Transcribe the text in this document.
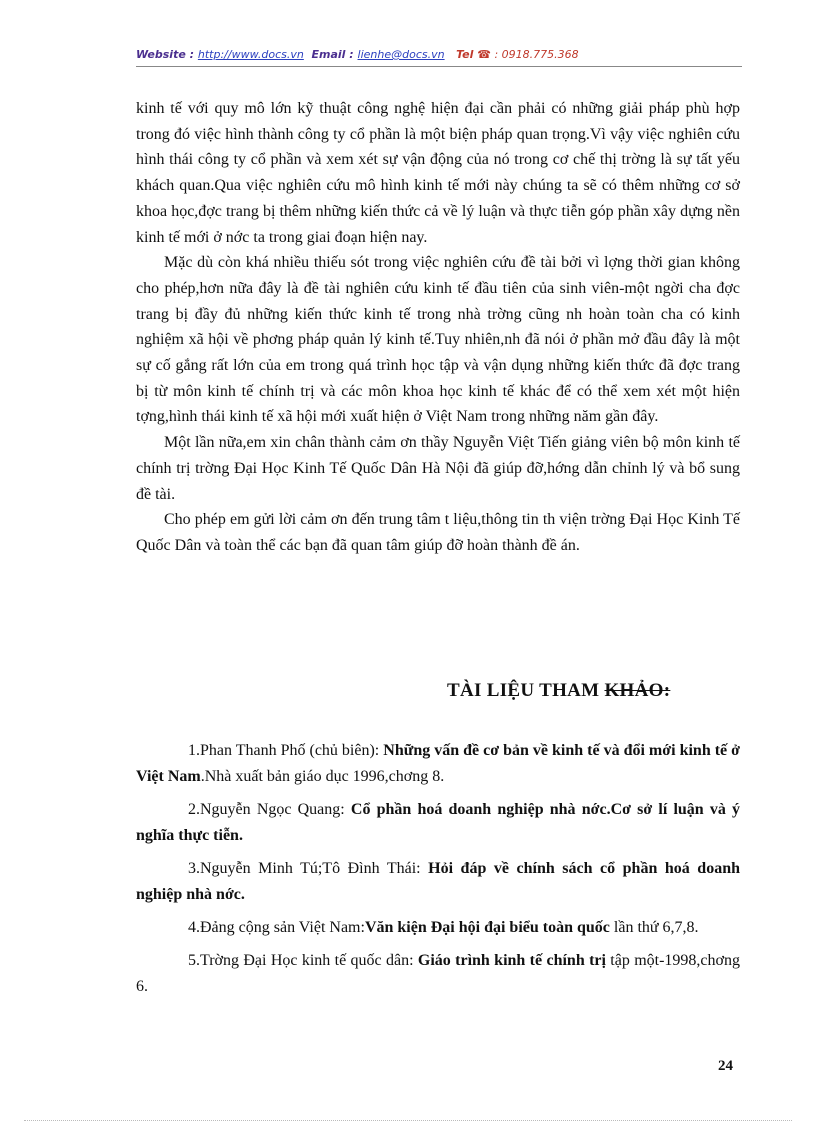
Website : http://www.docs.vn Email : lienhe@docs.vn Tel ☎ : 0918.775.368

kinh tế với quy mô lớn kỹ thuật công nghệ hiện đại cần phải có những giải pháp phù hợp trong đó việc hình thành công ty cổ phần là một biện pháp quan trọng.Vì vậy việc nghiên cứu hình thái công ty cổ phần và xem xét sự vận động của nó trong cơ chế thị trờng là sự tất yếu khách quan.Qua việc nghiên cứu mô hình kinh tế mới này chúng ta sẽ có thêm những cơ sở khoa học,đợc trang bị thêm những kiến thức cả về lý luận và thực tiễn góp phần xây dựng nền kinh tế mới ở nớc ta trong giai đoạn hiện nay.

Mặc dù còn khá nhiều thiếu sót trong việc nghiên cứu đề tài bởi vì lợng thời gian không cho phép,hơn nữa đây là đề tài nghiên cứu kinh tế đầu tiên của sinh viên-một ngời cha đợc trang bị đầy đủ những kiến thức kinh tế trong nhà trờng cũng nh hoàn toàn cha có kinh nghiệm xã hội về phơng pháp quản lý kinh tế.Tuy nhiên,nh đã nói ở phần mở đầu đây là một sự cố gắng rất lớn của em trong quá trình học tập và vận dụng những kiến thức đã đợc trang bị từ môn kinh tế chính trị và các môn khoa học kinh tế khác để có thể xem xét một hiện tợng,hình thái kinh tế xã hội mới xuất hiện ở Việt Nam trong những năm gần đây.

Một lần nữa,em xin chân thành cảm ơn thầy Nguyễn Việt Tiến giảng viên bộ môn kinh tế chính trị trờng Đại Học Kinh Tế Quốc Dân Hà Nội đã giúp đỡ,hớng dẫn chỉnh lý và bổ sung đề tài.

Cho phép em gửi lời cảm ơn đến trung tâm t liệu,thông tin th viện trờng Đại Học Kinh Tế Quốc Dân và toàn thể các bạn đã quan tâm giúp đỡ hoàn thành đề án.

TÀI LIỆU THAM KHẢO:

1.Phan Thanh Phố (chủ biên): Những vấn đề cơ bản về kinh tế và đổi mới kinh tế ở Việt Nam.Nhà xuất bản giáo dục 1996,chơng 8.

2.Nguyễn Ngọc Quang: Cổ phần hoá doanh nghiệp nhà nớc.Cơ sở lí luận và ý nghĩa thực tiễn.

3.Nguyễn Minh Tú;Tô Đình Thái: Hỏi đáp về chính sách cổ phần hoá doanh nghiệp nhà nớc.

4.Đảng cộng sản Việt Nam:Văn kiện Đại hội đại biểu toàn quốc lần thứ 6,7,8.

5.Trờng Đại Học kinh tế quốc dân: Giáo trình kinh tế chính trị tập một-1998,chơng 6.

24
